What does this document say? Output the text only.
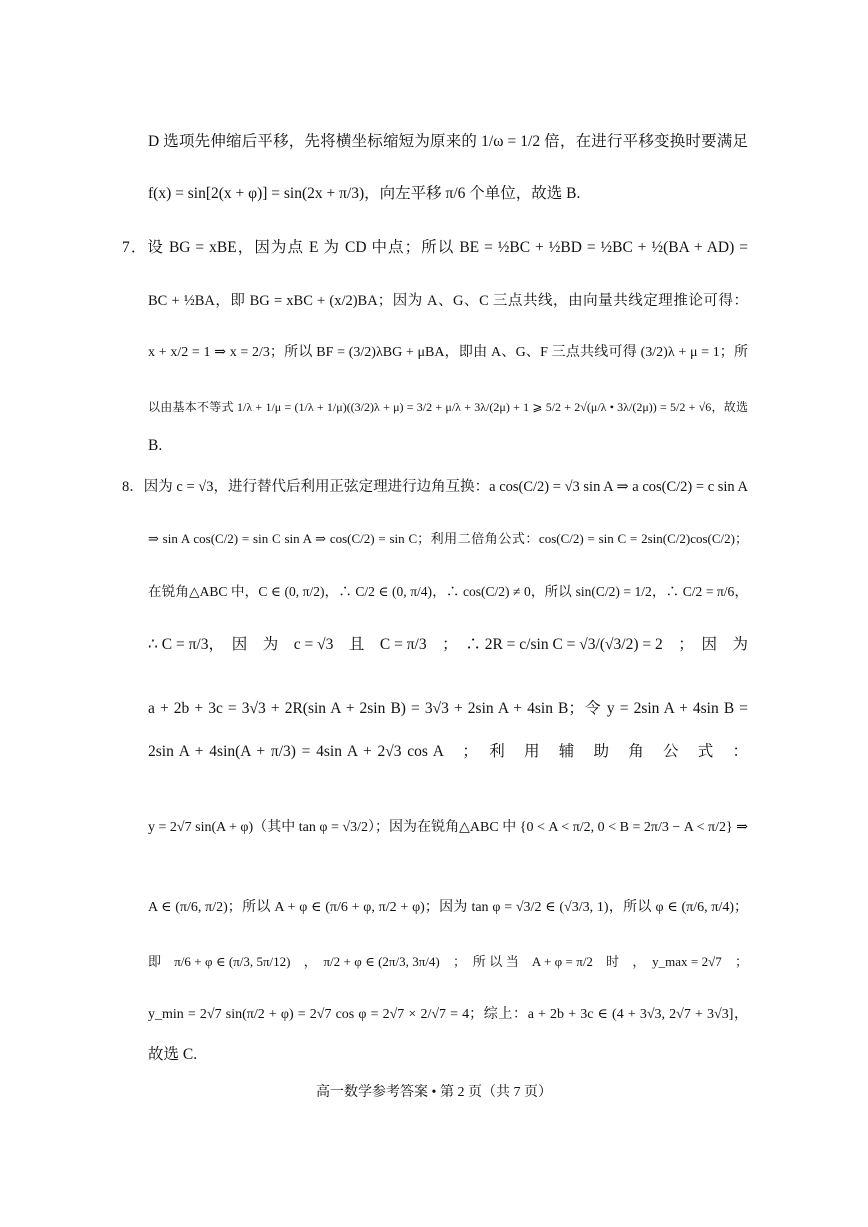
D 选项先伸缩后平移，先将横坐标缩短为原来的 1/ω = 1/2 倍，在进行平移变换时要满足
f(x) = sin[2(x + φ)] = sin(2x + π/3)，向左平移 π/6 个单位，故选 B.
7．设 BG = xBE，因为点 E 为 CD 中点；所以 BE = ½BC + ½BD = ½BC + ½(BA + AD) =
BC + ½BA，即 BG = xBC + (x/2)BA；因为 A、G、C 三点共线，由向量共线定理推论可得：
x + x/2 = 1 ⇒ x = 2/3；所以 BF = (3/2)λBG + μBA，即由 A、G、F 三点共线可得 (3/2)λ + μ = 1；所
以由基本不等式 1/λ + 1/μ = (1/λ + 1/μ)((3/2)λ + μ) = 3/2 + μ/λ + 3λ/(2μ) + 1 ⩾ 5/2 + 2√(μ/λ • 3λ/(2μ)) = 5/2 + √6，故选
B.
8．因为 c = √3，进行替代后利用正弦定理进行边角互换：a cos(C/2) = √3 sin A ⇒ a cos(C/2) = c sin A
⇒ sin A cos(C/2) = sin C sin A ⇒ cos(C/2) = sin C；利用二倍角公式：cos(C/2) = sin C = 2sin(C/2)cos(C/2)；
在锐角△ABC 中，C ∈ (0, π/2)，∴ C/2 ∈ (0, π/4)，∴ cos(C/2) ≠ 0，所以 sin(C/2) = 1/2，∴ C/2 = π/6，
∴ C = π/3，　因　为　c = √3　且　C = π/3　；　∴ 2R = c/sin C = √3/(√3/2) = 2　；　因　为
a + 2b + 3c = 3√3 + 2R(sin A + 2sin B) = 3√3 + 2sin A + 4sin B；令 y = 2sin A + 4sin B =
2sin A + 4sin(A + π/3) = 4sin A + 2√3 cos A　；　利　用　辅　助　角　公　式　：
y = 2√7 sin(A + φ)（其中 tan φ = √3/2）；因为在锐角△ABC 中 {0 < A < π/2, 0 < B = 2π/3 − A < π/2} ⇒
A ∈ (π/6, π/2)；所以 A + φ ∈ (π/6 + φ, π/2 + φ)；因为 tan φ = √3/2 ∈ (√3/3, 1)，所以 φ ∈ (π/6, π/4)；
即　π/6 + φ ∈ (π/3, 5π/12)　，　π/2 + φ ∈ (2π/3, 3π/4)　；　所 以 当　A + φ = π/2　时　，　y_max = 2√7　；
y_min = 2√7 sin(π/2 + φ) = 2√7 cos φ = 2√7 × 2/√7 = 4；综上：a + 2b + 3c ∈ (4 + 3√3, 2√7 + 3√3]，
故选 C.
高一数学参考答案 • 第 2 页（共 7 页）
